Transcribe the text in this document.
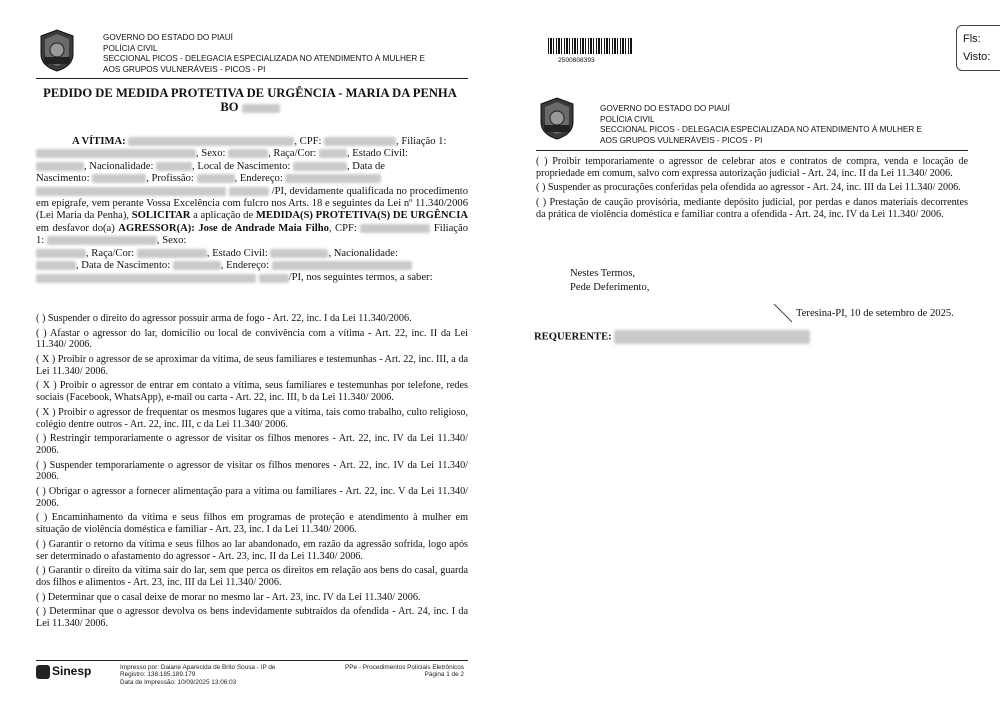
GOVERNO DO ESTADO DO PIAUÍ
POLÍCIA CIVIL
SECCIONAL PICOS - DELEGACIA ESPECIALIZADA NO ATENDIMENTO À MULHER E
AOS GRUPOS VULNERÁVEIS - PICOS - PI
PEDIDO DE MEDIDA PROTETIVA DE URGÊNCIA - MARIA DA PENHA
BO
A VÍTIMA:	, CPF:	, Filiação 1:
, Sexo:	, Raça/Cor:	, Estado Civil:
, Nacionalidade:	, Local de Nascimento:	, Data de
Nascimento:	, Profissão:	, Endereço:
/PI, devidamente qualificada no procedimento em epígrafe, vem perante Vossa Excelência com fulcro nos Arts. 18 e seguintes da Lei nº 11.340/2006 (Lei Maria da Penha), SOLICITAR a aplicação de MEDIDA(S) PROTETIVA(S) DE URGÊNCIA em desfavor do(a) AGRESSOR(A): Jose de Andrade Maia Filho, CPF:	Filiação 1:	, Sexo:
, Raça/Cor:	, Estado Civil:	, Nacionalidade:
, Data de Nascimento:	, Endereço:
/PI, nos seguintes termos, a saber:
( ) Suspender o direito do agressor possuir arma de fogo - Art. 22, inc. I da Lei 11.340/2006.
( ) Afastar o agressor do lar, domicílio ou local de convivência com a vítima - Art. 22, inc. II da Lei 11.340/ 2006.
( X ) Proibir o agressor de se aproximar da vítima, de seus familiares e testemunhas - Art. 22, inc. III, a da Lei 11.340/ 2006.
( X ) Proibir o agressor de entrar em contato a vítima, seus familiares e testemunhas por telefone, redes sociais (Facebook, WhatsApp), e-mail ou carta - Art. 22, inc. III, b da Lei 11.340/ 2006.
( X ) Proibir o agressor de frequentar os mesmos lugares que a vítima, tais como trabalho, culto religioso, colégio dentre outros - Art. 22, inc. III, c da Lei 11.340/ 2006.
( ) Restringir temporariamente o agressor de visitar os filhos menores - Art. 22, inc. IV da Lei 11.340/ 2006.
( ) Suspender temporariamente o agressor de visitar os filhos menores - Art. 22, inc. IV da Lei 11.340/ 2006.
( ) Obrigar o agressor a fornecer alimentação para a vítima ou familiares - Art. 22, inc. V da Lei 11.340/ 2006.
( ) Encaminhamento da vítima e seus filhos em programas de proteção e atendimento à mulher em situação de violência doméstica e familiar - Art. 23, inc. I da Lei 11.340/ 2006.
( ) Garantir o retorno da vítima e seus filhos ao lar abandonado, em razão da agressão sofrida, logo após ser determinado o afastamento do agressor - Art. 23, inc. II da Lei 11.340/ 2006.
( ) Garantir o direito da vítima sair do lar, sem que perca os direitos em relação aos bens do casal, guarda dos filhos e alimentos - Art. 23, inc. III da Lei 11.340/ 2006.
( ) Determinar que o casal deixe de morar no mesmo lar - Art. 23, inc. IV da Lei 11.340/ 2006.
( ) Determinar que o agressor devolva os bens indevidamente subtraídos da ofendida - Art. 24, inc. I da Lei 11.340/ 2006.
Sinesp	Impresso por: Daiane Aparecida de Brito Sousa - IP de
Registro: 138.185.189.179
Data de Impressão: 10/09/2025 13:06:03
PPe - Procedimentos Policiais Eletrônicos
Página 1 de 2
2500808393
Fls:
Visto:
GOVERNO DO ESTADO DO PIAUÍ
POLÍCIA CIVIL
SECCIONAL PICOS - DELEGACIA ESPECIALIZADA NO ATENDIMENTO À MULHER E
AOS GRUPOS VULNERÁVEIS - PICOS - PI
( ) Proibir temporariamente o agressor de celebrar atos e contratos de compra, venda e locação de propriedade em comum, salvo com expressa autorização judicial - Art. 24, inc. II da Lei 11.340/ 2006.
( ) Suspender as procurações conferidas pela ofendida ao agressor - Art. 24, inc. III da Lei 11.340/ 2006.
( ) Prestação de caução provisória, mediante depósito judicial, por perdas e danos materiais decorrentes da prática de violência doméstica e familiar contra a ofendida - Art. 24, inc. IV da Lei 11.340/ 2006.
Nestes Termos,
Pede Deferimento,
Teresina-PI, 10 de setembro de 2025.
REQUERENTE:
